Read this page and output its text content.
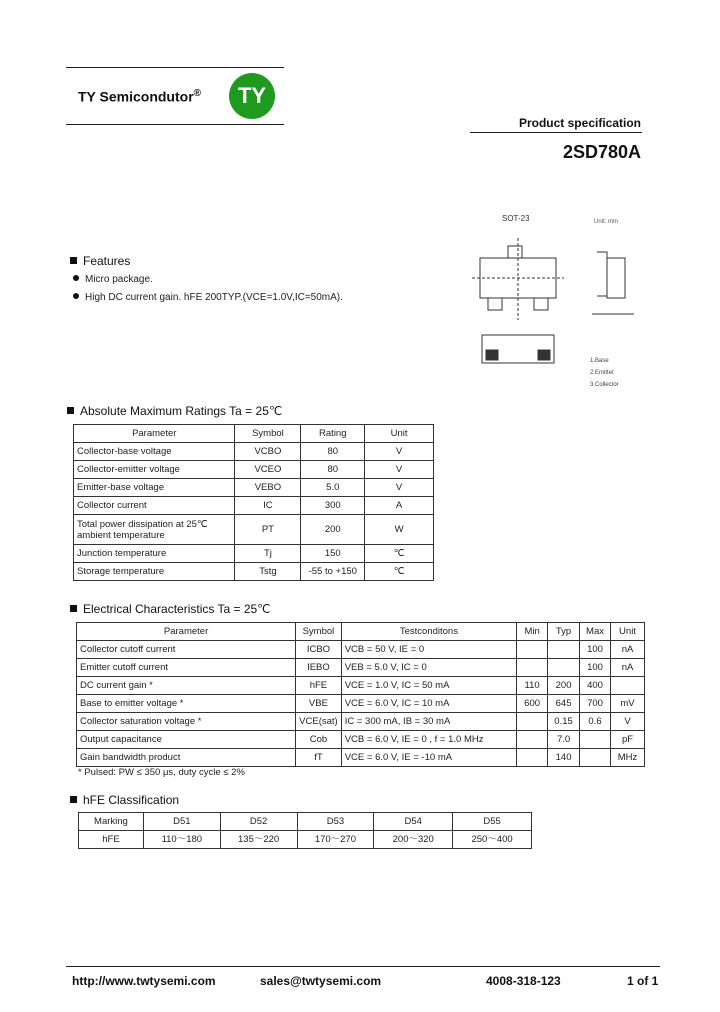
TY Semicondutor®	TY
Product specification
2SD780A
SOT-23	Unit: mm
1.Base
2.Emitter
3.Collector
Features
Micro package.
High DC current gain. hFE 200TYP.(VCE=1.0V,IC=50mA).
Absolute Maximum Ratings Ta = 25℃
Parameter	Symbol	Rating	Unit
Collector-base voltage	VCBO	80	V
Collector-emitter voltage	VCEO	80	V
Emitter-base voltage	VEBO	5.0	V
Collector current	IC	300	A
Total power dissipation at 25℃ ambient temperature	PT	200	W
Junction temperature	Tj	150	℃
Storage temperature	Tstg	-55 to +150	℃
Electrical Characteristics Ta = 25℃
Parameter	Symbol	Testconditons	Min	Typ	Max	Unit
Collector cutoff current	ICBO	VCB = 50 V, IE = 0			100	nA
Emitter cutoff current	IEBO	VEB = 5.0 V, IC = 0			100	nA
DC current gain *	hFE	VCE = 1.0 V, IC = 50 mA	110	200	400	
Base to emitter voltage *	VBE	VCE = 6.0 V, IC = 10 mA	600	645	700	mV
Collector saturation voltage *	VCE(sat)	IC = 300 mA, IB = 30 mA		0.15	0.6	V
Output capacitance	Cob	VCB = 6.0 V, IE = 0 , f = 1.0 MHz		7.0		pF
Gain bandwidth product	fT	VCE = 6.0 V, IE = -10 mA		140		MHz
* Pulsed: PW ≤ 350 μs, duty cycle ≤ 2%
hFE Classification
Marking	D51	D52	D53	D54	D55
hFE	110～180	135～220	170～270	200～320	250～400
http://www.twtysemi.com	sales@twtysemi.com	4008-318-123	1 of 1
